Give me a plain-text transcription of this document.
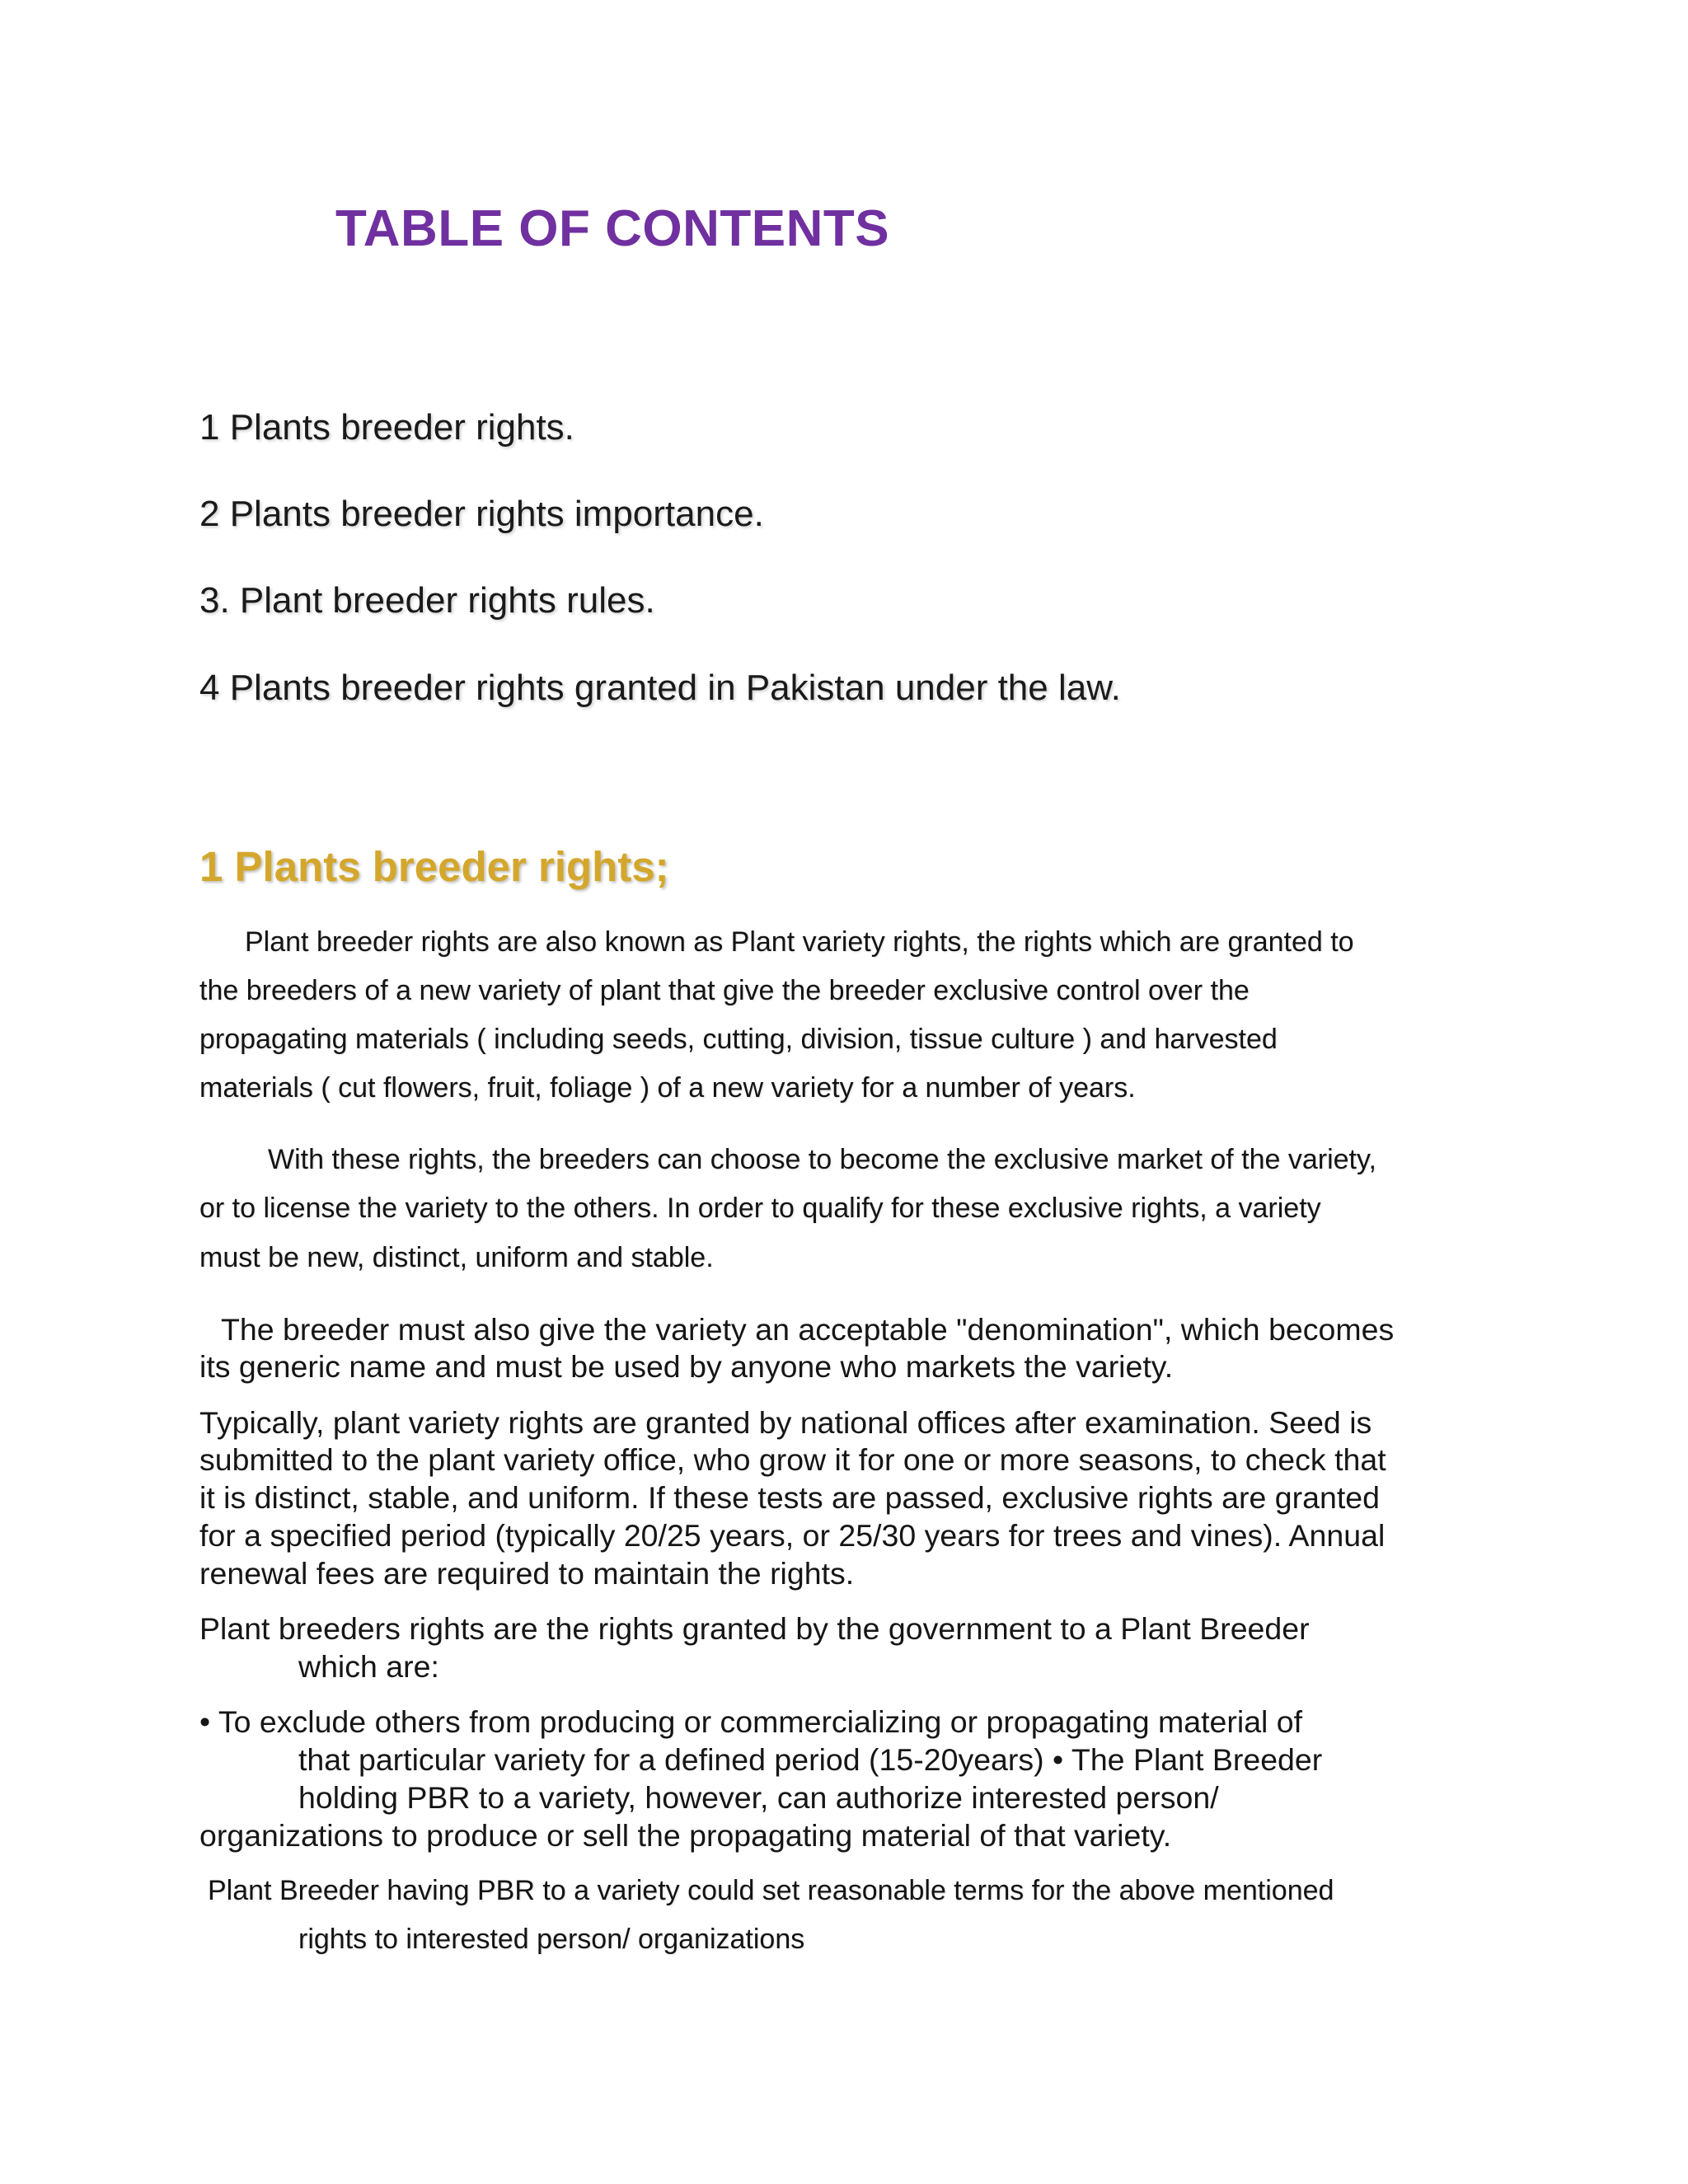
TABLE OF CONTENTS

1 Plants breeder rights.

2 Plants breeder rights importance.

3. Plant breeder rights rules.

4 Plants breeder rights granted in Pakistan under the law.

1 Plants breeder rights;

Plant breeder rights are also known as Plant variety rights, the rights which are granted to

the breeders of a new variety of plant that give the breeder exclusive control over the

propagating materials ( including seeds, cutting, division, tissue culture ) and harvested

materials ( cut flowers, fruit, foliage ) of a new variety for a number of years.

With these rights, the breeders can choose to become the exclusive market of the variety,

or to license the variety to the others. In order to qualify for these exclusive rights, a variety

must be new, distinct, uniform and stable.

The breeder must also give the variety an acceptable "denomination", which becomes

its generic name and must be used by anyone who markets the variety.

Typically, plant variety rights are granted by national offices after examination. Seed is

submitted to the plant variety office, who grow it for one or more seasons, to check that

it is distinct, stable, and uniform. If these tests are passed, exclusive rights are granted

for a specified period (typically 20/25 years, or 25/30 years for trees and vines). Annual

renewal fees are required to maintain the rights.

Plant breeders rights are the rights granted by the government to a Plant Breeder

which are:

• To exclude others from producing or commercializing or propagating material of

that particular variety for a defined period (15-20years) • The Plant Breeder

holding PBR to a variety, however, can authorize interested person/

organizations to produce or sell the propagating material of that variety.

Plant Breeder having PBR to a variety could set reasonable terms for the above mentioned

rights to interested person/ organizations
